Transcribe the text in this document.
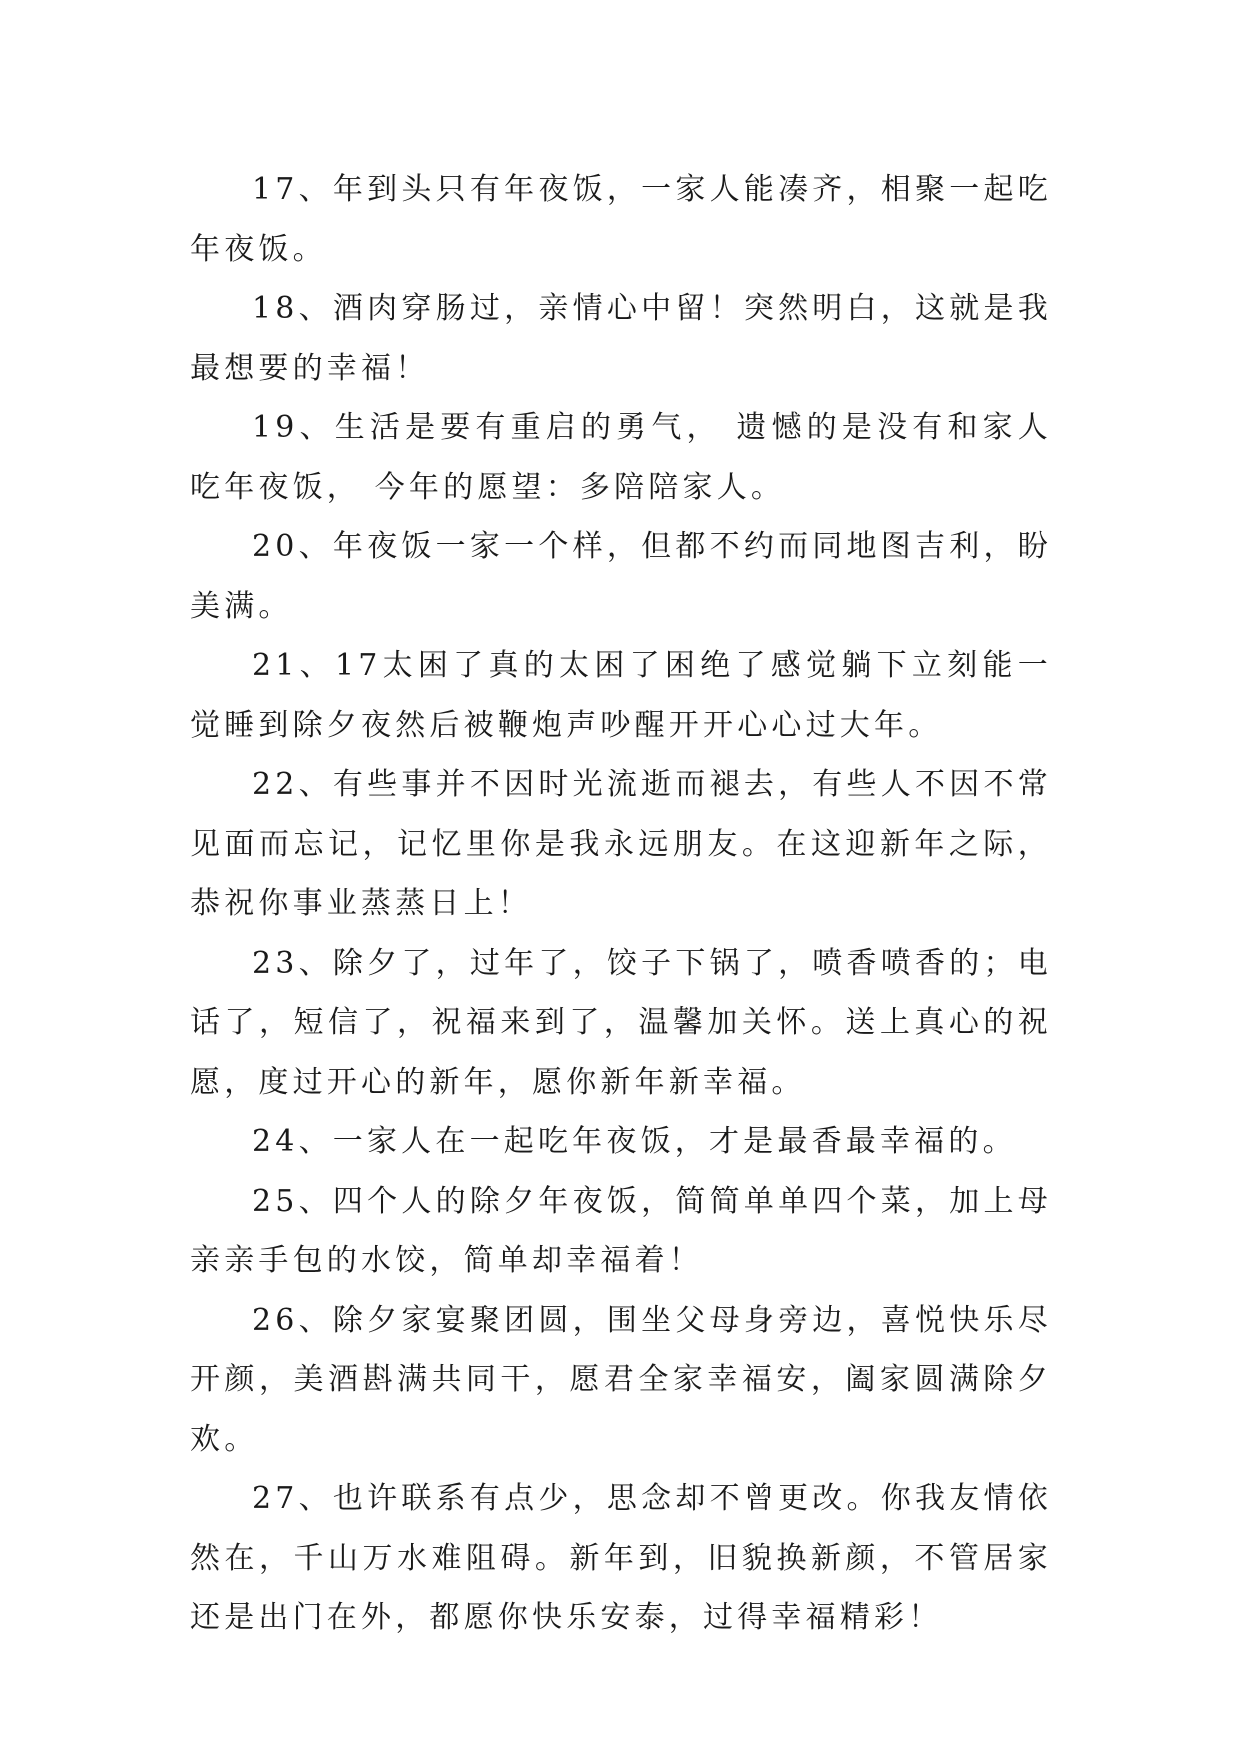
17、年到头只有年夜饭，一家人能凑齐，相聚一起吃年夜饭。

18、酒肉穿肠过，亲情心中留！突然明白，这就是我最想要的幸福！

19、生活是要有重启的勇气， 遗憾的是没有和家人吃年夜饭， 今年的愿望：多陪陪家人。

20、年夜饭一家一个样，但都不约而同地图吉利，盼美满。

21、17太困了真的太困了困绝了感觉躺下立刻能一觉睡到除夕夜然后被鞭炮声吵醒开开心心过大年。

22、有些事并不因时光流逝而褪去，有些人不因不常见面而忘记，记忆里你是我永远朋友。在这迎新年之际，恭祝你事业蒸蒸日上！

23、除夕了，过年了，饺子下锅了，喷香喷香的；电话了，短信了，祝福来到了，温馨加关怀。送上真心的祝愿，度过开心的新年，愿你新年新幸福。

24、一家人在一起吃年夜饭，才是最香最幸福的。

25、四个人的除夕年夜饭，简简单单四个菜，加上母亲亲手包的水饺，简单却幸福着！

26、除夕家宴聚团圆，围坐父母身旁边，喜悦快乐尽开颜，美酒斟满共同干，愿君全家幸福安，阖家圆满除夕欢。

27、也许联系有点少，思念却不曾更改。你我友情依然在，千山万水难阻碍。新年到，旧貌换新颜，不管居家还是出门在外，都愿你快乐安泰，过得幸福精彩！
